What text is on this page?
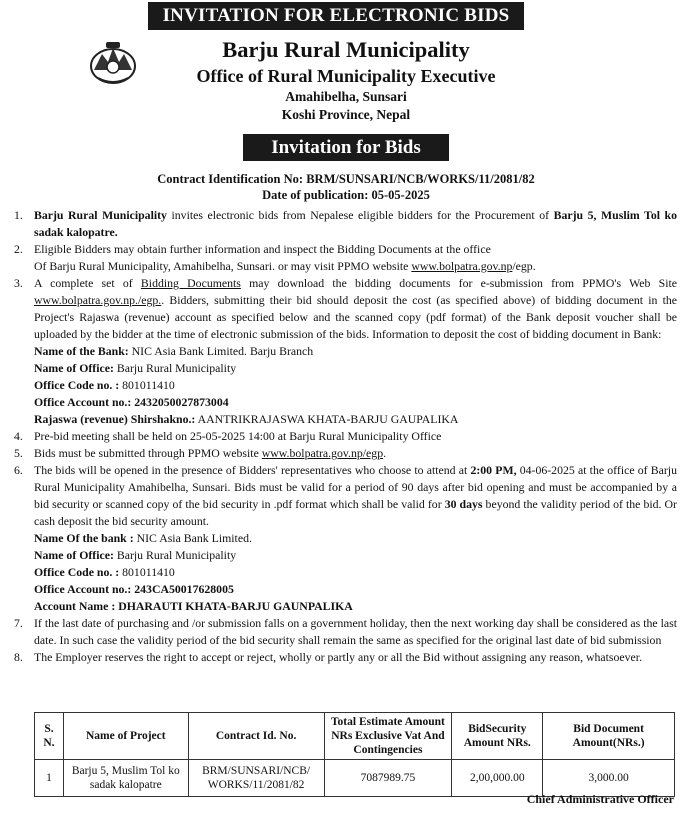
INVITATION FOR ELECTRONIC BIDS
Barju Rural Municipality
Office of Rural Municipality Executive
Amahibelha, Sunsari
Koshi Province, Nepal
Invitation for Bids
Contract Identification No: BRM/SUNSARI/NCB/WORKS/11/2081/82
Date of publication: 05-05-2025
1. Barju Rural Municipality invites electronic bids from Nepalese eligible bidders for the Procurement of Barju 5, Muslim Tol ko sadak kalopatre.
2. Eligible Bidders may obtain further information and inspect the Bidding Documents at the office
Of Barju Rural Municipality, Amahibelha, Sunsari. or may visit PPMO website www.bolpatra.gov.np/egp.
3. A complete set of Bidding Documents may download the bidding documents for e-submission from PPMO's Web Site www.bolpatra.gov.np./egp.. Bidders, submitting their bid should deposit the cost (as specified above) of bidding document in the Project's Rajaswa (revenue) account as specified below and the scanned copy (pdf format) of the Bank deposit voucher shall be uploaded by the bidder at the time of electronic submission of the bids. Information to deposit the cost of bidding document in Bank:
Name of the Bank: NIC Asia Bank Limited. Barju Branch
Name of Office: Barju Rural Municipality
Office Code no. : 801011410
Office Account no.: 2432050027873004
Rajaswa (revenue) Shirshakno.: AANTRIKRAJASWA KHATA-BARJU GAUPALIKA
4. Pre-bid meeting shall be held on 25-05-2025 14:00 at Barju Rural Municipality Office
5. Bids must be submitted through PPMO website www.bolpatra.gov.np/egp.
6. The bids will be opened in the presence of Bidders' representatives who choose to attend at 2:00 PM, 04-06-2025 at the office of Barju Rural Municipality Amahibelha, Sunsari. Bids must be valid for a period of 90 days after bid opening and must be accompanied by a bid security or scanned copy of the bid security in .pdf format which shall be valid for 30 days beyond the validity period of the bid. Or cash deposit the bid security amount.
Name Of the bank : NIC Asia Bank Limited.
Name of Office: Barju Rural Municipality
Office Code no. : 801011410
Office Account no.: 243CA50017628005
Account Name : DHARAUTI KHATA-BARJU GAUNPALIKA
7. If the last date of purchasing and /or submission falls on a government holiday, then the next working day shall be considered as the last date. In such case the validity period of the bid security shall remain the same as specified for the original last date of bid submission
8. The Employer reserves the right to accept or reject, wholly or partly any or all the Bid without assigning any reason, whatsoever.
S. N.	Name of Project	Contract Id. No.	Total Estimate Amount NRs Exclusive Vat And Contingencies	BidSecurity Amount NRs.	Bid Document Amount(NRs.)
1	Barju 5, Muslim Tol ko sadak kalopatre	BRM/SUNSARI/NCB/ WORKS/11/2081/82	7087989.75	2,00,000.00	3,000.00
Chief Administrative Officer
